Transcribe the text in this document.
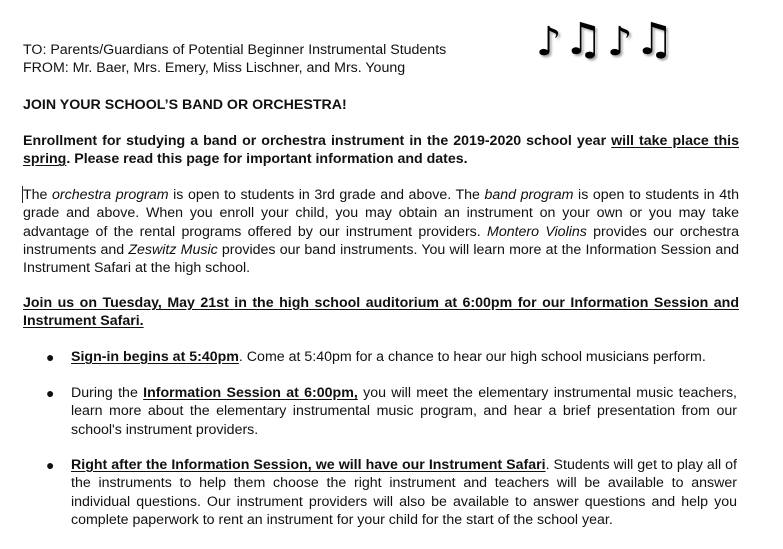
♪ ♫ ♪ ♫
TO: Parents/Guardians of Potential Beginner Instrumental Students
FROM: Mr. Baer, Mrs. Emery, Miss Lischner, and Mrs. Young
JOIN YOUR SCHOOL’S BAND OR ORCHESTRA!

Enrollment for studying a band or orchestra instrument in the 2019-2020 school year will take place this spring. Please read this page for important information and dates.

The orchestra program is open to students in 3rd grade and above. The band program is open to students in 4th grade and above. When you enroll your child, you may obtain an instrument on your own or you may take advantage of the rental programs offered by our instrument providers. Montero Violins provides our orchestra instruments and Zeswitz Music provides our band instruments. You will learn more at the Information Session and Instrument Safari at the high school.

Join us on Tuesday, May 21st in the high school auditorium at 6:00pm for our Information Session and Instrument Safari.

● Sign-in begins at 5:40pm. Come at 5:40pm for a chance to hear our high school musicians perform.
● During the Information Session at 6:00pm, you will meet the elementary instrumental music teachers, learn more about the elementary instrumental music program, and hear a brief presentation from our school's instrument providers.
● Right after the Information Session, we will have our Instrument Safari. Students will get to play all of the instruments to help them choose the right instrument and teachers will be available to answer individual questions. Our instrument providers will also be available to answer questions and help you complete paperwork to rent an instrument for your child for the start of the school year.
